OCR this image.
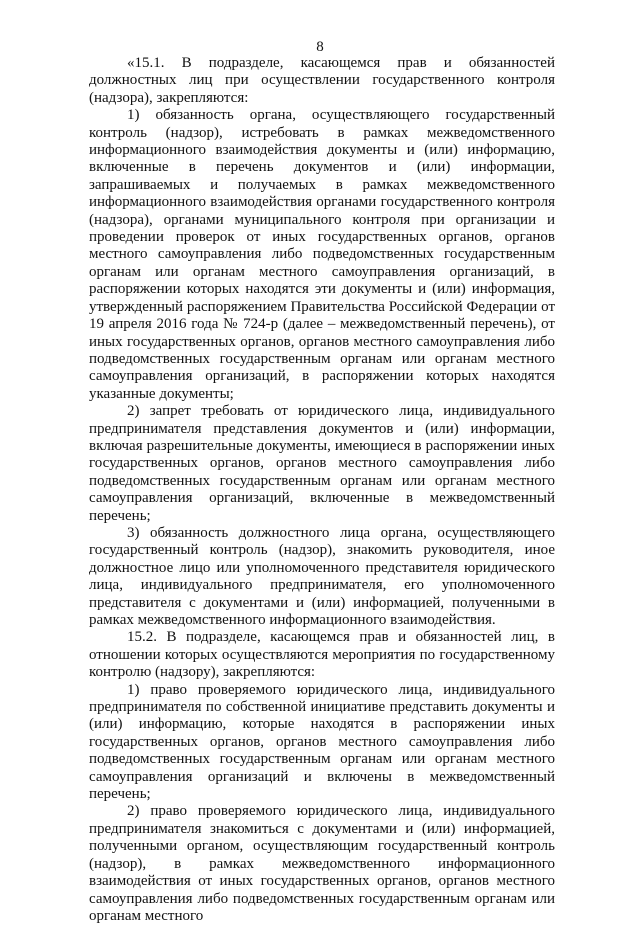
8

«15.1. В подразделе, касающемся прав и обязанностей должностных лиц при осуществлении государственного контроля (надзора), закрепляются:

1) обязанность органа, осуществляющего государственный контроль (надзор), истребовать в рамках межведомственного информационного взаимодействия документы и (или) информацию, включенные в перечень документов и (или) информации, запрашиваемых и получаемых в рамках межведомственного информационного взаимодействия органами государственного контроля (надзора), органами муниципального контроля при организации и проведении проверок от иных государственных органов, органов местного самоуправления либо подведомственных государственным органам или органам местного самоуправления организаций, в распоряжении которых находятся эти документы и (или) информация, утвержденный распоряжением Правительства Российской Федерации от 19 апреля 2016 года № 724-р (далее – межведомственный перечень), от иных государственных органов, органов местного самоуправления либо подведомственных государственным органам или органам местного самоуправления организаций, в распоряжении которых находятся указанные документы;

2) запрет требовать от юридического лица, индивидуального предпринимателя представления документов и (или) информации, включая разрешительные документы, имеющиеся в распоряжении иных государственных органов, органов местного самоуправления либо подведомственных государственным органам или органам местного самоуправления организаций, включенные в межведомственный перечень;

3) обязанность должностного лица органа, осуществляющего государственный контроль (надзор), знакомить руководителя, иное должностное лицо или уполномоченного представителя юридического лица, индивидуального предпринимателя, его уполномоченного представителя с документами и (или) информацией, полученными в рамках межведомственного информационного взаимодействия.

15.2. В подразделе, касающемся прав и обязанностей лиц, в отношении которых осуществляются мероприятия по государственному контролю (надзору), закрепляются:

1) право проверяемого юридического лица, индивидуального предпринимателя по собственной инициативе представить документы и (или) информацию, которые находятся в распоряжении иных государственных органов, органов местного самоуправления либо подведомственных государственным органам или органам местного самоуправления организаций и включены в межведомственный перечень;

2) право проверяемого юридического лица, индивидуального предпринимателя знакомиться с документами и (или) информацией, полученными органом, осуществляющим государственный контроль (надзор), в рамках межведомственного информационного взаимодействия от иных государственных органов, органов местного самоуправления либо подведомственных государственным органам или органам местного
